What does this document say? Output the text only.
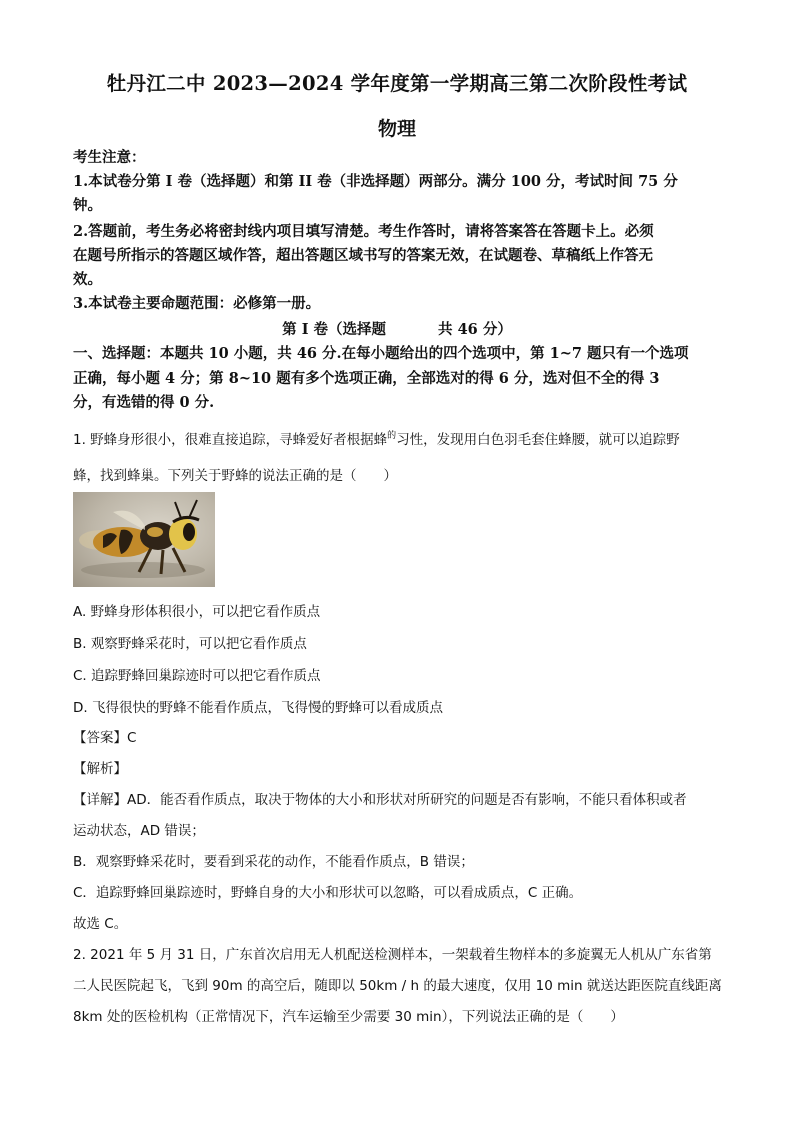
牡丹江二中 2023—2024 学年度第一学期高三第二次阶段性考试
物理
考生注意：
1.本试卷分第 I 卷（选择题）和第 II 卷（非选择题）两部分。满分 100 分，考试时间 75 分
钟。
2.答题前，考生务必将密封线内项目填写清楚。考生作答时，请将答案答在答题卡上。必须
在题号所指示的答题区域作答，超出答题区域书写的答案无效，在试题卷、草稿纸上作答无
效。
3.本试卷主要命题范围：必修第一册。
第 I 卷（选择题	共 46 分）
一、选择题：本题共 10 小题，共 46 分.在每小题给出的四个选项中，第 1~7 题只有一个选项
正确，每小题 4 分；第 8~10 题有多个选项正确，全部选对的得 6 分，选对但不全的得 3
分，有选错的得 0 分.
1. 野蜂身形很小，很难直接追踪，寻蜂爱好者根据蜂$^的$习性，发现用白色羽毛套住蜂腰，就可以追踪野
蜂，找到蜂巢。下列关于野蜂的说法正确的是（　　）
A. 野蜂身形体积很小，可以把它看作质点
B. 观察野蜂采花时，可以把它看作质点
C. 追踪野蜂回巢踪迹时可以把它看作质点
D. 飞得很快的野蜂不能看作质点，飞得慢的野蜂可以看成质点
【答案】C
【解析】
【详解】AD．能否看作质点，取决于物体的大小和形状对所研究的问题是否有影响，不能只看体积或者
运动状态，AD 错误；
B．观察野蜂采花时，要看到采花的动作，不能看作质点，B 错误；
C．追踪野蜂回巢踪迹时，野蜂自身的大小和形状可以忽略，可以看成质点，C 正确。
故选 C。
2. 2021 年 5 月 31 日，广东首次启用无人机配送检测样本，一架载着生物样本的多旋翼无人机从广东省第
二人民医院起飞，飞到 90m 的高空后，随即以 50km / h 的最大速度，仅用 10 min 就送达距医院直线距离
8km 处的医检机构（正常情况下，汽车运输至少需要 30 min），下列说法正确的是（　　）
